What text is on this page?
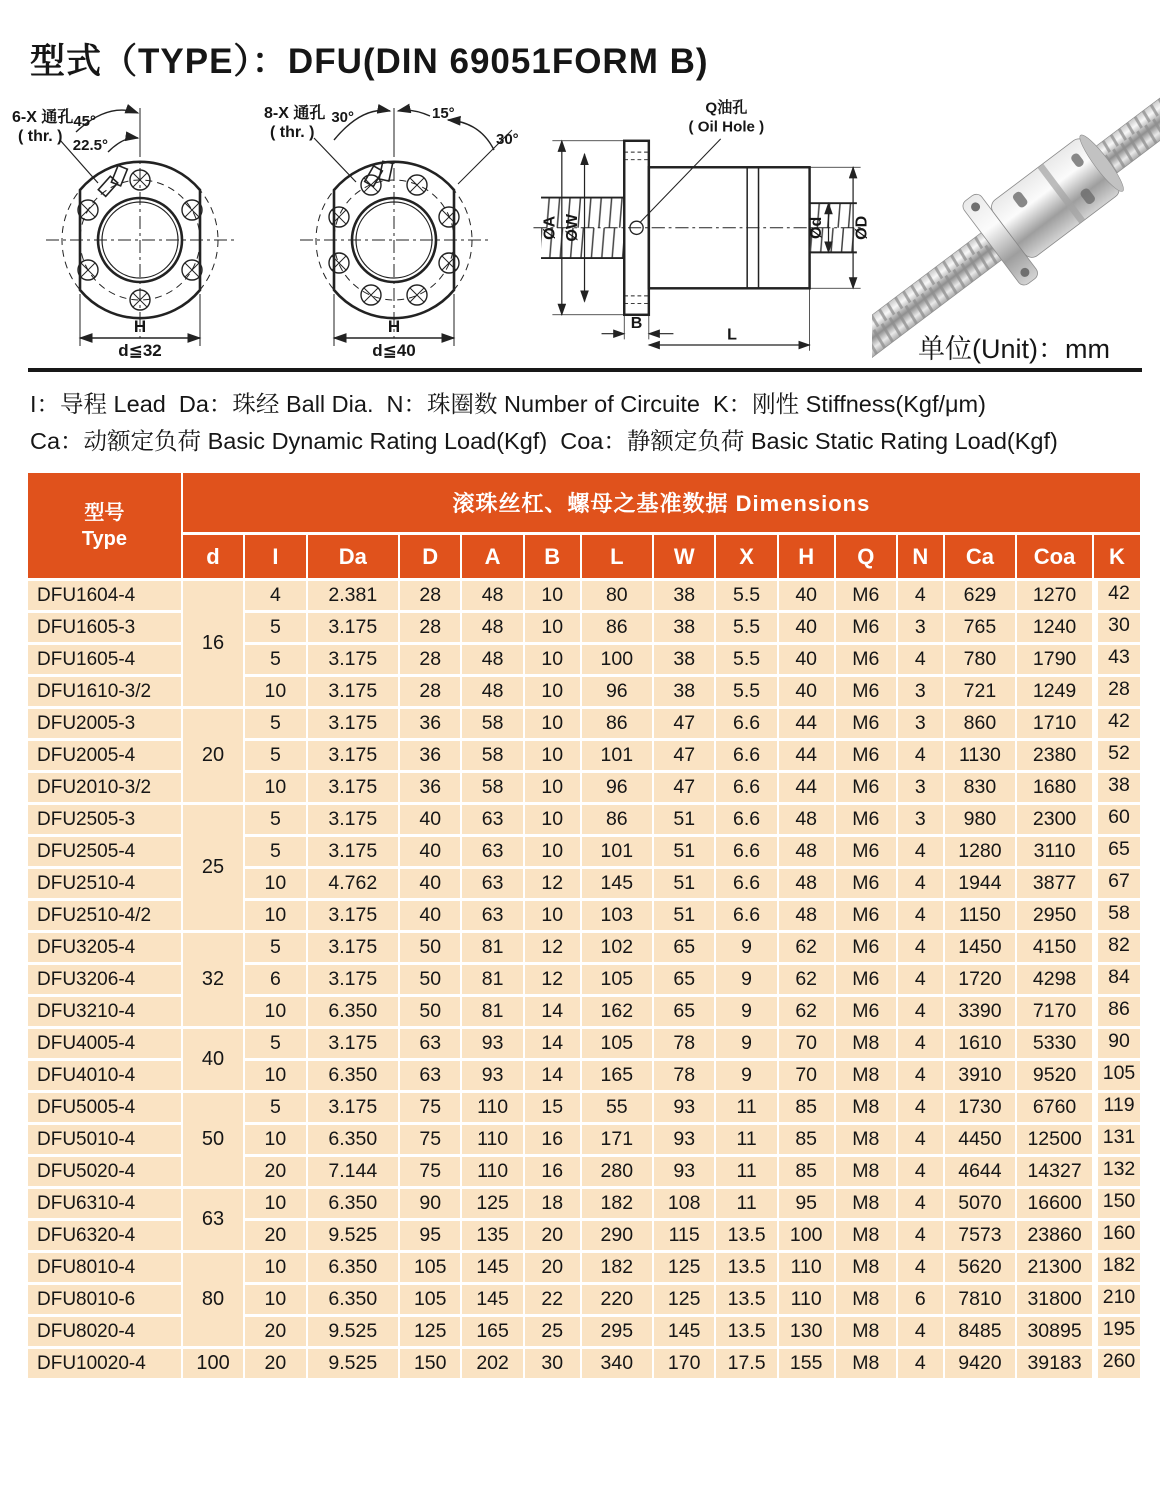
型式（TYPE）：DFU(DIN 69051FORM B)
45°
22.5°
6-X 通孔
( thr. )
H
d≦32
30°	15°
30°
8-X 通孔
( thr. )
H
d≦40
Q油孔
( Oil Hole )
ØA ØW	Ød ØD
B
L	单位(Unit)：mm
I：导程 Lead  Da：珠经 Ball Dia.  N：珠圈数 Number of Circuite  K：刚性 Stiffness(Kgf/μm)
Ca：动额定负荷 Basic Dynamic Rating Load(Kgf)  Coa：静额定负荷 Basic Static Rating Load(Kgf)
型号
Type	滚珠丝杠、螺母之基准数据 Dimensions														
	d	I	Da	D	A	B	L	W	X	H	Q	N	Ca	Coa	K
DFU1604-4	16	4	2.381	28	48	10	80	38	5.5	40	M6	4	629	1270	42
DFU1605-3		5	3.175	28	48	10	86	38	5.5	40	M6	3	765	1240	30
DFU1605-4		5	3.175	28	48	10	100	38	5.5	40	M6	4	780	1790	43
DFU1610-3/2		10	3.175	28	48	10	96	38	5.5	40	M6	3	721	1249	28
DFU2005-3	20	5	3.175	36	58	10	86	47	6.6	44	M6	3	860	1710	42
DFU2005-4		5	3.175	36	58	10	101	47	6.6	44	M6	4	1130	2380	52
DFU2010-3/2		10	3.175	36	58	10	96	47	6.6	44	M6	3	830	1680	38
DFU2505-3	25	5	3.175	40	63	10	86	51	6.6	48	M6	3	980	2300	60
DFU2505-4		5	3.175	40	63	10	101	51	6.6	48	M6	4	1280	3110	65
DFU2510-4		10	4.762	40	63	12	145	51	6.6	48	M6	4	1944	3877	67
DFU2510-4/2		10	3.175	40	63	10	103	51	6.6	48	M6	4	1150	2950	58
DFU3205-4	32	5	3.175	50	81	12	102	65	9	62	M6	4	1450	4150	82
DFU3206-4		6	3.175	50	81	12	105	65	9	62	M6	4	1720	4298	84
DFU3210-4		10	6.350	50	81	14	162	65	9	62	M6	4	3390	7170	86
DFU4005-4	40	5	3.175	63	93	14	105	78	9	70	M8	4	1610	5330	90
DFU4010-4		10	6.350	63	93	14	165	78	9	70	M8	4	3910	9520	105
DFU5005-4	50	5	3.175	75	110	15	55	93	11	85	M8	4	1730	6760	119
DFU5010-4		10	6.350	75	110	16	171	93	11	85	M8	4	4450	12500	131
DFU5020-4		20	7.144	75	110	16	280	93	11	85	M8	4	4644	14327	132
DFU6310-4	63	10	6.350	90	125	18	182	108	11	95	M8	4	5070	16600	150
DFU6320-4		20	9.525	95	135	20	290	115	13.5	100	M8	4	7573	23860	160
DFU8010-4	80	10	6.350	105	145	20	182	125	13.5	110	M8	4	5620	21300	182
DFU8010-6		10	6.350	105	145	22	220	125	13.5	110	M8	6	7810	31800	210
DFU8020-4		20	9.525	125	165	25	295	145	13.5	130	M8	4	8485	30895	195
DFU10020-4	100	20	9.525	150	202	30	340	170	17.5	155	M8	4	9420	39183	260
